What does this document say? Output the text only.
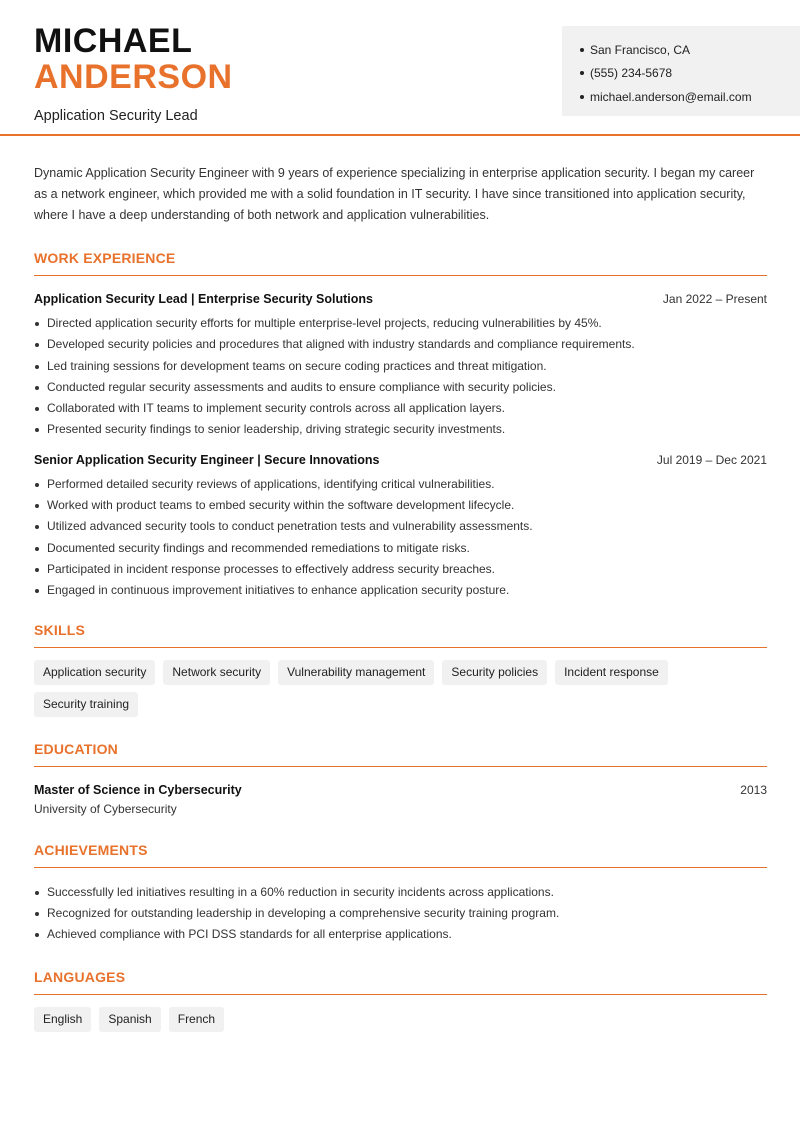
MICHAEL
ANDERSON
Application Security Lead
San Francisco, CA
(555) 234-5678
michael.anderson@email.com

Dynamic Application Security Engineer with 9 years of experience specializing in enterprise application security. I began my career as a network engineer, which provided me with a solid foundation in IT security. I have since transitioned into application security, where I have a deep understanding of both network and application vulnerabilities.

WORK EXPERIENCE
Application Security Lead | Enterprise Security Solutions	Jan 2022 – Present
Directed application security efforts for multiple enterprise-level projects, reducing vulnerabilities by 45%.
Developed security policies and procedures that aligned with industry standards and compliance requirements.
Led training sessions for development teams on secure coding practices and threat mitigation.
Conducted regular security assessments and audits to ensure compliance with security policies.
Collaborated with IT teams to implement security controls across all application layers.
Presented security findings to senior leadership, driving strategic security investments.
Senior Application Security Engineer | Secure Innovations	Jul 2019 – Dec 2021
Performed detailed security reviews of applications, identifying critical vulnerabilities.
Worked with product teams to embed security within the software development lifecycle.
Utilized advanced security tools to conduct penetration tests and vulnerability assessments.
Documented security findings and recommended remediations to mitigate risks.
Participated in incident response processes to effectively address security breaches.
Engaged in continuous improvement initiatives to enhance application security posture.
SKILLS
Application security	Network security	Vulnerability management	Security policies	Incident response
Security training
EDUCATION
Master of Science in Cybersecurity	2013
University of Cybersecurity
ACHIEVEMENTS
Successfully led initiatives resulting in a 60% reduction in security incidents across applications.
Recognized for outstanding leadership in developing a comprehensive security training program.
Achieved compliance with PCI DSS standards for all enterprise applications.
LANGUAGES
English	Spanish	French
